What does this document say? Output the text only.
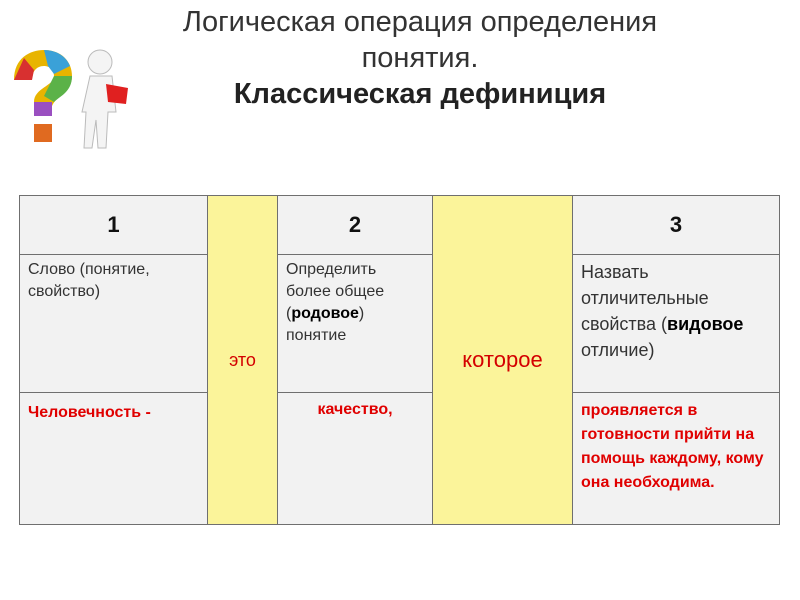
Логическая операция определения
понятия.
Классическая дефиниция
1	это	2	которое	3

Слово (понятие, свойство)		Определить более общее (родовое) понятие		Назвать отличительные свойства (видовое отличие)

Человечность -		качество,		проявляется в готовности прийти на помощь каждому, кому она необходима.
